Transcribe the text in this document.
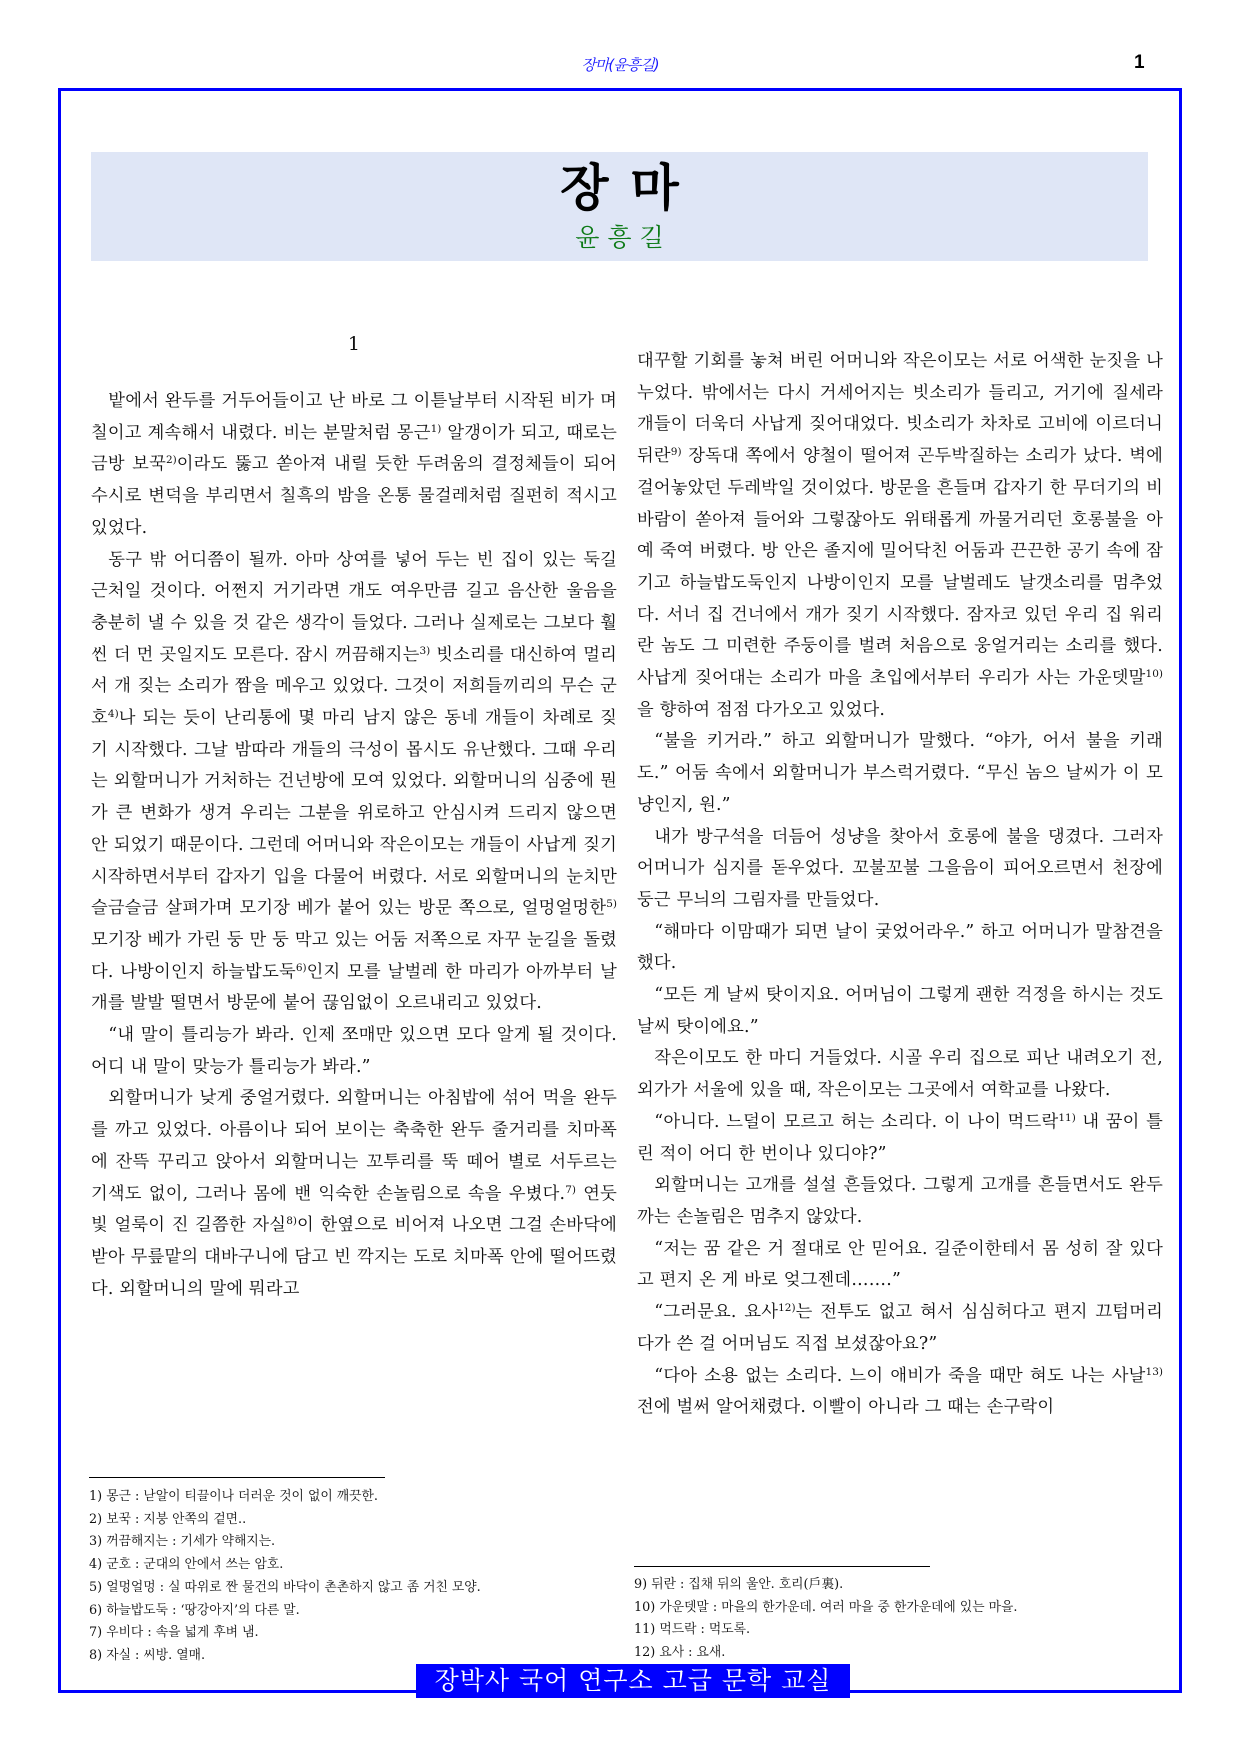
장마(윤흥길)	1
장마
윤흥길
1

밭에서 완두를 거두어들이고 난 바로 그 이튿날부터 시작된 비가 며칠이고 계속해서 내렸다. 비는 분말처럼 몽근$^{1)}$ 알갱이가 되고, 때로는 금방 보꾹$^{2)}$이라도 뚫고 쏟아져 내릴 듯한 두려움의 결정체들이 되어 수시로 변덕을 부리면서 칠흑의 밤을 온통 물걸레처럼 질펀히 적시고 있었다.

동구 밖 어디쯤이 될까. 아마 상여를 넣어 두는 빈 집이 있는 둑길 근처일 것이다. 어쩐지 거기라면 개도 여우만큼 길고 음산한 울음을 충분히 낼 수 있을 것 같은 생각이 들었다. 그러나 실제로는 그보다 훨씬 더 먼 곳일지도 모른다. 잠시 꺼끔해지는$^{3)}$ 빗소리를 대신하여 멀리서 개 짖는 소리가 짬을 메우고 있었다. 그것이 저희들끼리의 무슨 군호$^{4)}$나 되는 듯이 난리통에 몇 마리 남지 않은 동네 개들이 차례로 짖기 시작했다. 그날 밤따라 개들의 극성이 몹시도 유난했다. 그때 우리는 외할머니가 거처하는 건넌방에 모여 있었다. 외할머니의 심중에 뭔가 큰 변화가 생겨 우리는 그분을 위로하고 안심시켜 드리지 않으면 안 되었기 때문이다. 그런데 어머니와 작은이모는 개들이 사납게 짖기 시작하면서부터 갑자기 입을 다물어 버렸다. 서로 외할머니의 눈치만 슬금슬금 살펴가며 모기장 베가 붙어 있는 방문 쪽으로, 얼멍얼멍한$^{5)}$ 모기장 베가 가린 둥 만 둥 막고 있는 어둠 저쪽으로 자꾸 눈길을 돌렸다. 나방이인지 하늘밥도둑$^{6)}$인지 모를 날벌레 한 마리가 아까부터 날개를 발발 떨면서 방문에 붙어 끊임없이 오르내리고 있었다.

“내 말이 틀리능가 봐라. 인제 쪼매만 있으면 모다 알게 될 것이다. 어디 내 말이 맞능가 틀리능가 봐라.”

외할머니가 낮게 중얼거렸다. 외할머니는 아침밥에 섞어 먹을 완두를 까고 있었다. 아름이나 되어 보이는 축축한 완두 줄거리를 치마폭에 잔뜩 꾸리고 앉아서 외할머니는 꼬투리를 뚝 떼어 별로 서두르는 기색도 없이, 그러나 몸에 밴 익숙한 손놀림으로 속을 우볐다.$^{7)}$ 연둣빛 얼룩이 진 길쯤한 자실$^{8)}$이 한옆으로 비어져 나오면 그걸 손바닥에 받아 무릎맡의 대바구니에 담고 빈 깍지는 도로 치마폭 안에 떨어뜨렸다. 외할머니의 말에 뭐라고

대꾸할 기회를 놓쳐 버린 어머니와 작은이모는 서로 어색한 눈짓을 나누었다. 밖에서는 다시 거세어지는 빗소리가 들리고, 거기에 질세라 개들이 더욱더 사납게 짖어대었다. 빗소리가 차차로 고비에 이르더니 뒤란$^{9)}$ 장독대 쪽에서 양철이 떨어져 곤두박질하는 소리가 났다. 벽에 걸어놓았던 두레박일 것이었다. 방문을 흔들며 갑자기 한 무더기의 비바람이 쏟아져 들어와 그렇잖아도 위태롭게 까물거리던 호롱불을 아예 죽여 버렸다. 방 안은 졸지에 밀어닥친 어둠과 끈끈한 공기 속에 잠기고 하늘밥도둑인지 나방이인지 모를 날벌레도 날갯소리를 멈추었다. 서너 집 건너에서 개가 짖기 시작했다. 잠자코 있던 우리 집 워리란 놈도 그 미련한 주둥이를 벌려 처음으로 웅얼거리는 소리를 했다. 사납게 짖어대는 소리가 마을 초입에서부터 우리가 사는 가운뎃말$^{10)}$을 향하여 점점 다가오고 있었다.

“불을 키거라.” 하고 외할머니가 말했다. “야가, 어서 불을 키래도.” 어둠 속에서 외할머니가 부스럭거렸다. “무신 놈으 날씨가 이 모냥인지, 원.”

내가 방구석을 더듬어 성냥을 찾아서 호롱에 불을 댕겼다. 그러자 어머니가 심지를 돋우었다. 꼬불꼬불 그을음이 피어오르면서 천장에 둥근 무늬의 그림자를 만들었다.

“해마다 이맘때가 되면 날이 궂었어라우.” 하고 어머니가 말참견을 했다.

“모든 게 날씨 탓이지요. 어머님이 그렇게 괜한 걱정을 하시는 것도 날씨 탓이에요.”

작은이모도 한 마디 거들었다. 시골 우리 집으로 피난 내려오기 전, 외가가 서울에 있을 때, 작은이모는 그곳에서 여학교를 나왔다.

“아니다. 느덜이 모르고 허는 소리다. 이 나이 먹드락$^{11)}$ 내 꿈이 틀린 적이 어디 한 번이나 있디야?”

외할머니는 고개를 설설 흔들었다. 그렇게 고개를 흔들면서도 완두 까는 손놀림은 멈추지 않았다.

“저는 꿈 같은 거 절대로 안 믿어요. 길준이한테서 몸 성히 잘 있다고 편지 온 게 바로 엊그젠데…….”

“그러문요. 요사$^{12)}$는 전투도 없고 혀서 심심허다고 편지 끄텀머리다가 쓴 걸 어머님도 직접 보셨잖아요?”

“다아 소용 없는 소리다. 느이 애비가 죽을 때만 혀도 나는 사날$^{13)}$ 전에 벌써 알어채렸다. 이빨이 아니라 그 때는 손구락이

1) 몽근 : 낟알이 티끌이나 더러운 것이 없이 깨끗한.
2) 보꾹 : 지붕 안쪽의 겉면..
3) 꺼끔해지는 : 기세가 약해지는.
4) 군호 : 군대의 안에서 쓰는 암호.
5) 얼멍얼멍 : 실 따위로 짠 물건의 바닥이 촌촌하지 않고 좀 거친 모양.
6) 하늘밥도둑 : ‘땅강아지’의 다른 말.
7) 우비다 : 속을 넓게 후벼 냄.
8) 자실 : 씨방. 열매.
9) 뒤란 : 집채 뒤의 울안. 호리(戶裏).
10) 가운뎃말 : 마을의 한가운데. 여러 마을 중 한가운데에 있는 마을.
11) 먹드락 : 먹도록.
12) 요사 : 요새.
장박사 국어 연구소 고급 문학 교실
